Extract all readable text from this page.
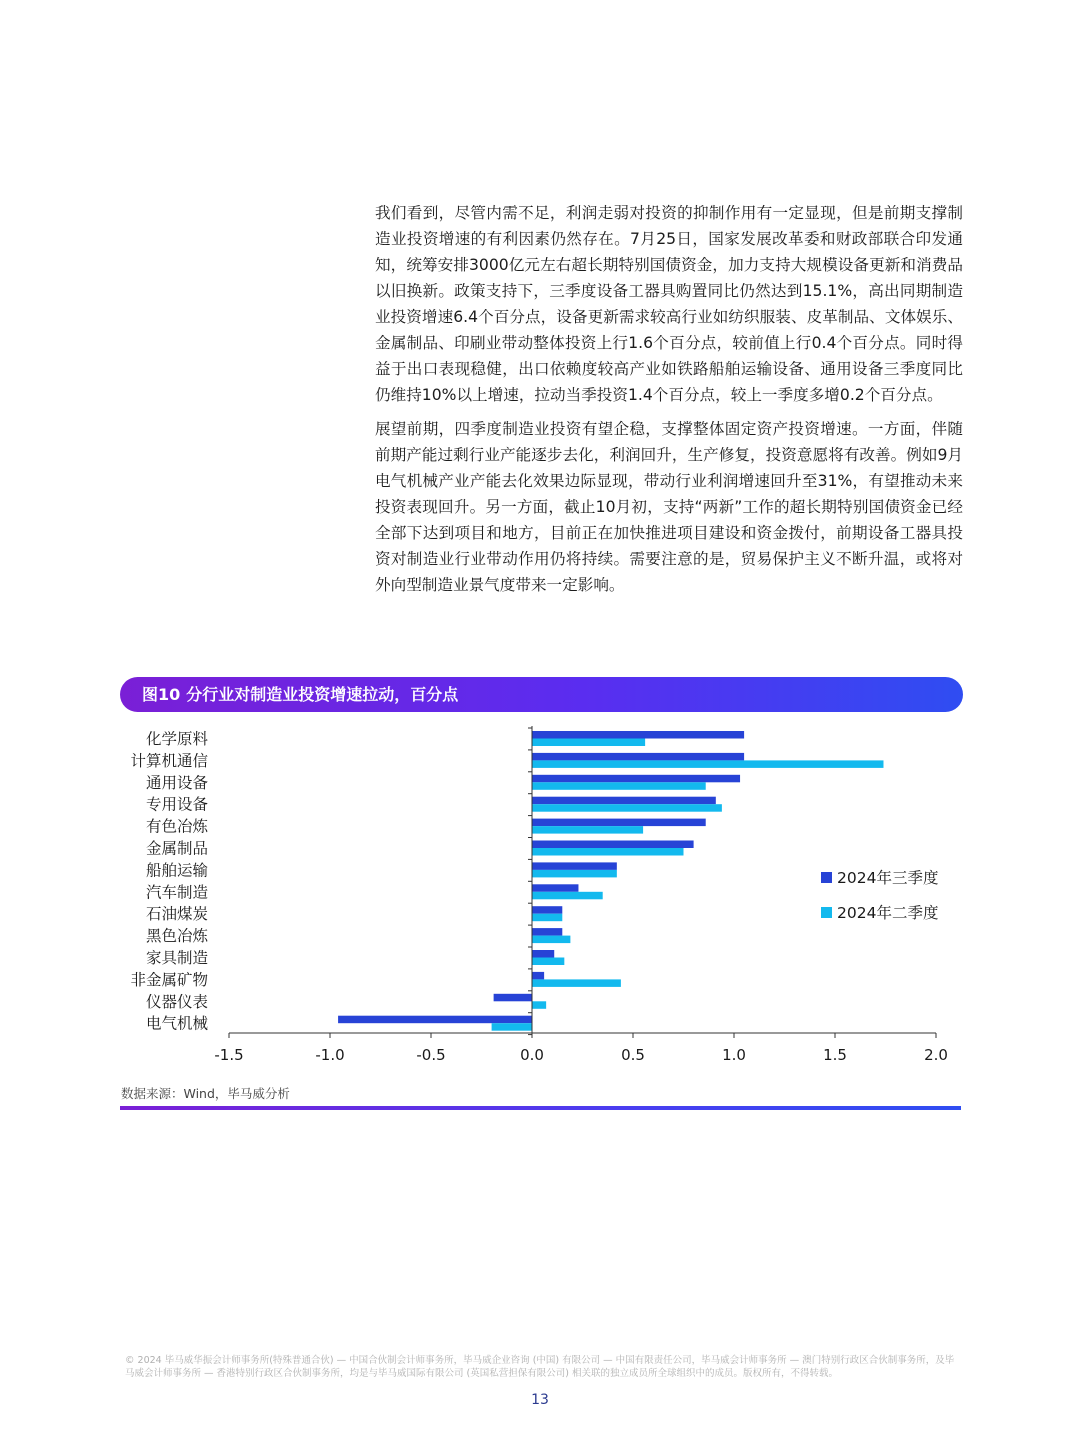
我们看到，尽管内需不足，利润走弱对投资的抑制作用有一定显现，但是前期支撑制造业投资增速的有利因素仍然存在。7月25日，国家发展改革委和财政部联合印发通知，统筹安排3000亿元左右超长期特别国债资金，加力支持大规模设备更新和消费品以旧换新。政策支持下，三季度设备工器具购置同比仍然达到15.1%，高出同期制造业投资增速6.4个百分点，设备更新需求较高行业如纺织服装、皮革制品、文体娱乐、金属制品、印刷业带动整体投资上行1.6个百分点，较前值上行0.4个百分点。同时得益于出口表现稳健，出口依赖度较高产业如铁路船舶运输设备、通用设备三季度同比仍维持10%以上增速，拉动当季投资1.4个百分点，较上一季度多增0.2个百分点。

展望前期，四季度制造业投资有望企稳，支撑整体固定资产投资增速。一方面，伴随前期产能过剩行业产能逐步去化，利润回升，生产修复，投资意愿将有改善。例如9月电气机械产业产能去化效果边际显现，带动行业利润增速回升至31%，有望推动未来投资表现回升。另一方面，截止10月初，支持“两新”工作的超长期特别国债资金已经全部下达到项目和地方，目前正在加快推进项目建设和资金拨付，前期设备工器具投资对制造业行业带动作用仍将持续。需要注意的是，贸易保护主义不断升温，或将对外向型制造业景气度带来一定影响。

图10 分行业对制造业投资增速拉动，百分点
化学原料
计算机通信
通用设备
专用设备
有色冶炼
金属制品
船舶运输
汽车制造
石油煤炭
黑色冶炼
家具制造
非金属矿物
仪器仪表
电气机械
-1.5	-1.0	-0.5	0.0	0.5	1.0	1.5	2.0
2024年三季度
2024年二季度
数据来源：Wind，毕马威分析
© 2024 毕马威华振会计师事务所(特殊普通合伙) — 中国合伙制会计师事务所，毕马威企业咨询 (中国) 有限公司 — 中国有限责任公司，毕马威会计师事务所 — 澳门特别行政区合伙制事务所，及毕马威会计师事务所 — 香港特别行政区合伙制事务所，均是与毕马威国际有限公司 (英国私营担保有限公司) 相关联的独立成员所全球组织中的成员。版权所有，不得转载。
13
